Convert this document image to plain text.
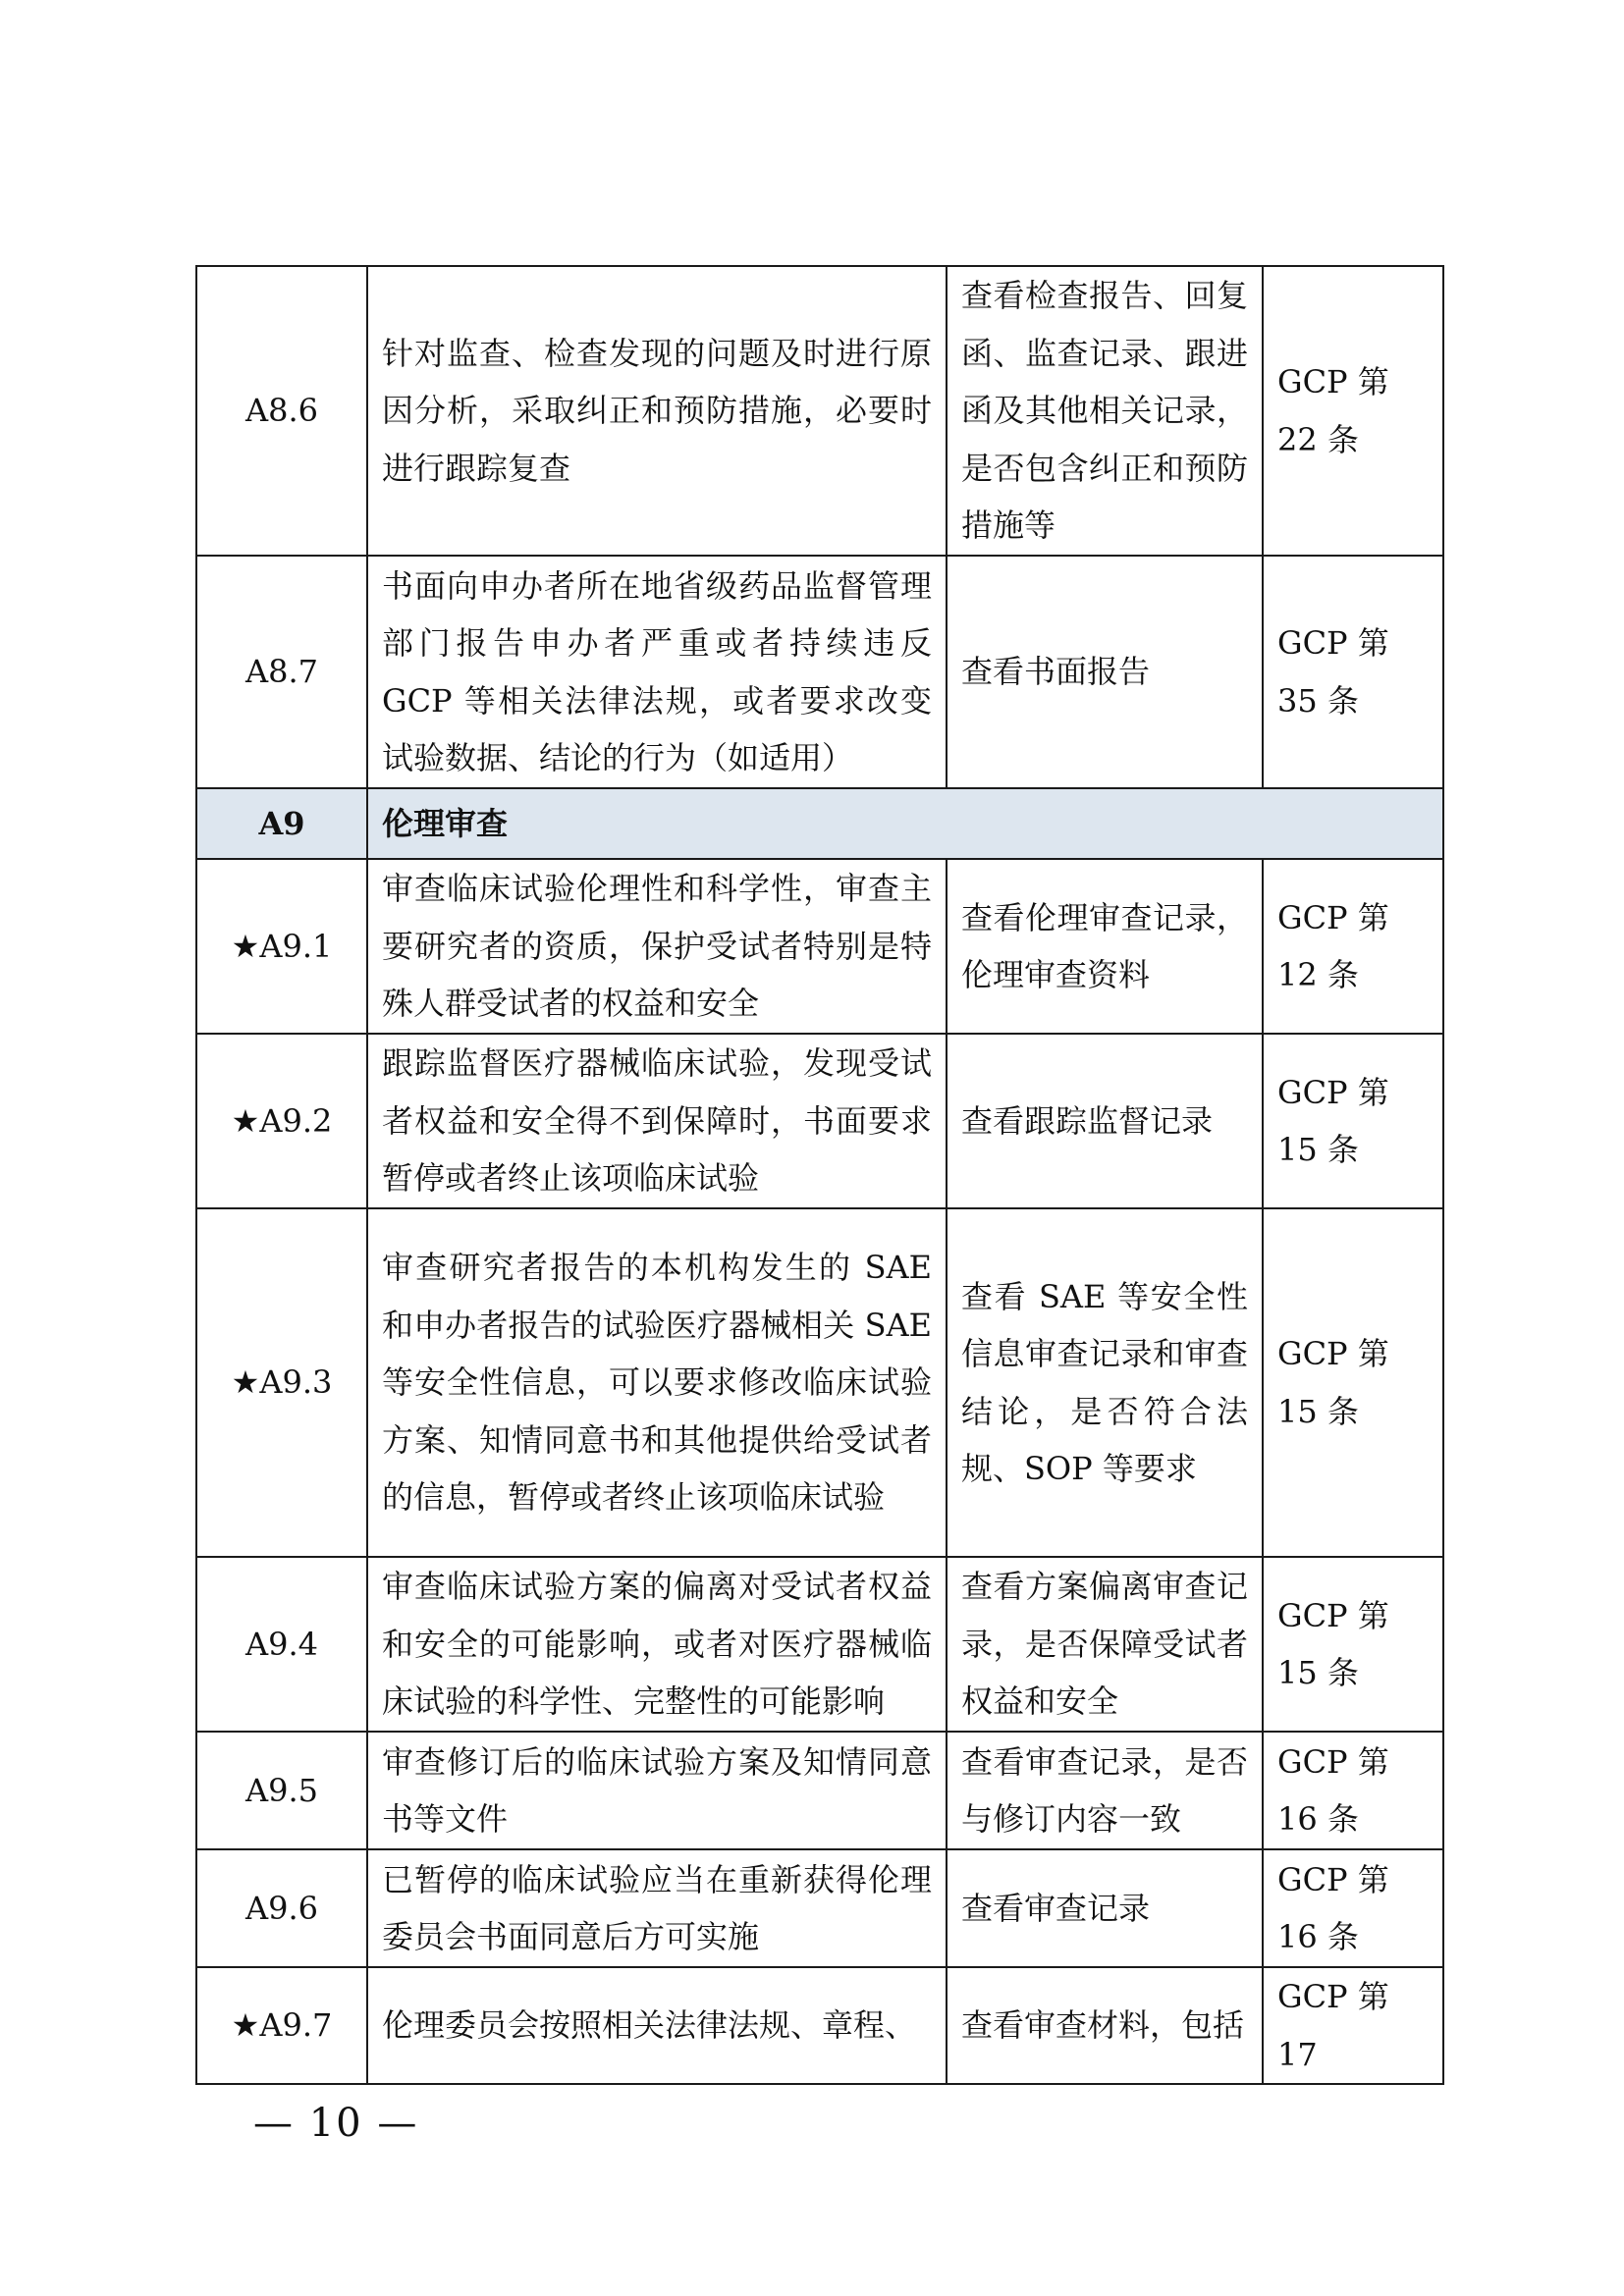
A8.6	针对监查、检查发现的问题及时进行原因分析，采取纠正和预防措施，必要时进行跟踪复查	查看检查报告、回复函、监查记录、跟进函及其他相关记录，是否包含纠正和预防措施等	GCP 第 22 条
A8.7	书面向申办者所在地省级药品监督管理部门报告申办者严重或者持续违反 GCP 等相关法律法规，或者要求改变试验数据、结论的行为（如适用）	查看书面报告	GCP 第 35 条
A9	伦理审查		
★A9.1	审查临床试验伦理性和科学性，审查主要研究者的资质，保护受试者特别是特殊人群受试者的权益和安全	查看伦理审查记录，伦理审查资料	GCP 第 12 条
★A9.2	跟踪监督医疗器械临床试验，发现受试者权益和安全得不到保障时，书面要求暂停或者终止该项临床试验	查看跟踪监督记录	GCP 第 15 条
★A9.3	审查研究者报告的本机构发生的 SAE 和申办者报告的试验医疗器械相关 SAE 等安全性信息，可以要求修改临床试验方案、知情同意书和其他提供给受试者的信息，暂停或者终止该项临床试验	查看 SAE 等安全性信息审查记录和审查结论，是否符合法规、SOP 等要求	GCP 第 15 条
A9.4	审查临床试验方案的偏离对受试者权益和安全的可能影响，或者对医疗器械临床试验的科学性、完整性的可能影响	查看方案偏离审查记录，是否保障受试者权益和安全	GCP 第 15 条
A9.5	审查修订后的临床试验方案及知情同意书等文件	查看审查记录，是否与修订内容一致	GCP 第 16 条
A9.6	已暂停的临床试验应当在重新获得伦理委员会书面同意后方可实施	查看审查记录	GCP 第 16 条
★A9.7	伦理委员会按照相关法律法规、章程、	查看审查材料，包括	GCP 第 17
— 10 —
